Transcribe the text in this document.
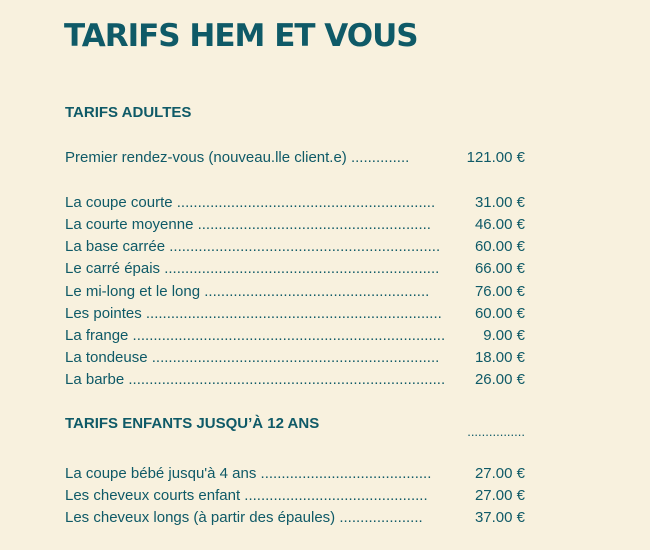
TARIFS HEM ET VOUS
TARIFS ADULTES
Premier rendez-vous (nouveau.lle client.e) ..............	121.00 €
La coupe courte ..............................................................	31.00 €
La courte moyenne ........................................................	46.00 €
La base carrée ................................................................. 60.00 €
Le carré épais .................................................................. 66.00 €
Le mi-long et le long ......................................................	76.00 €
Les pointes ....................................................................... 60.00 €
La frange ...........................................................................	9.00 €
La tondeuse ..................................................................... 18.00 €
La barbe ............................................................................ 26.00 €
TARIFS ENFANTS JUSQU’À 12 ANS	................
La coupe bébé jusqu'à 4 ans .........................................	27.00 €
Les cheveux courts enfant ............................................	27.00 €
Les cheveux longs (à partir des épaules) ....................	37.00 €
